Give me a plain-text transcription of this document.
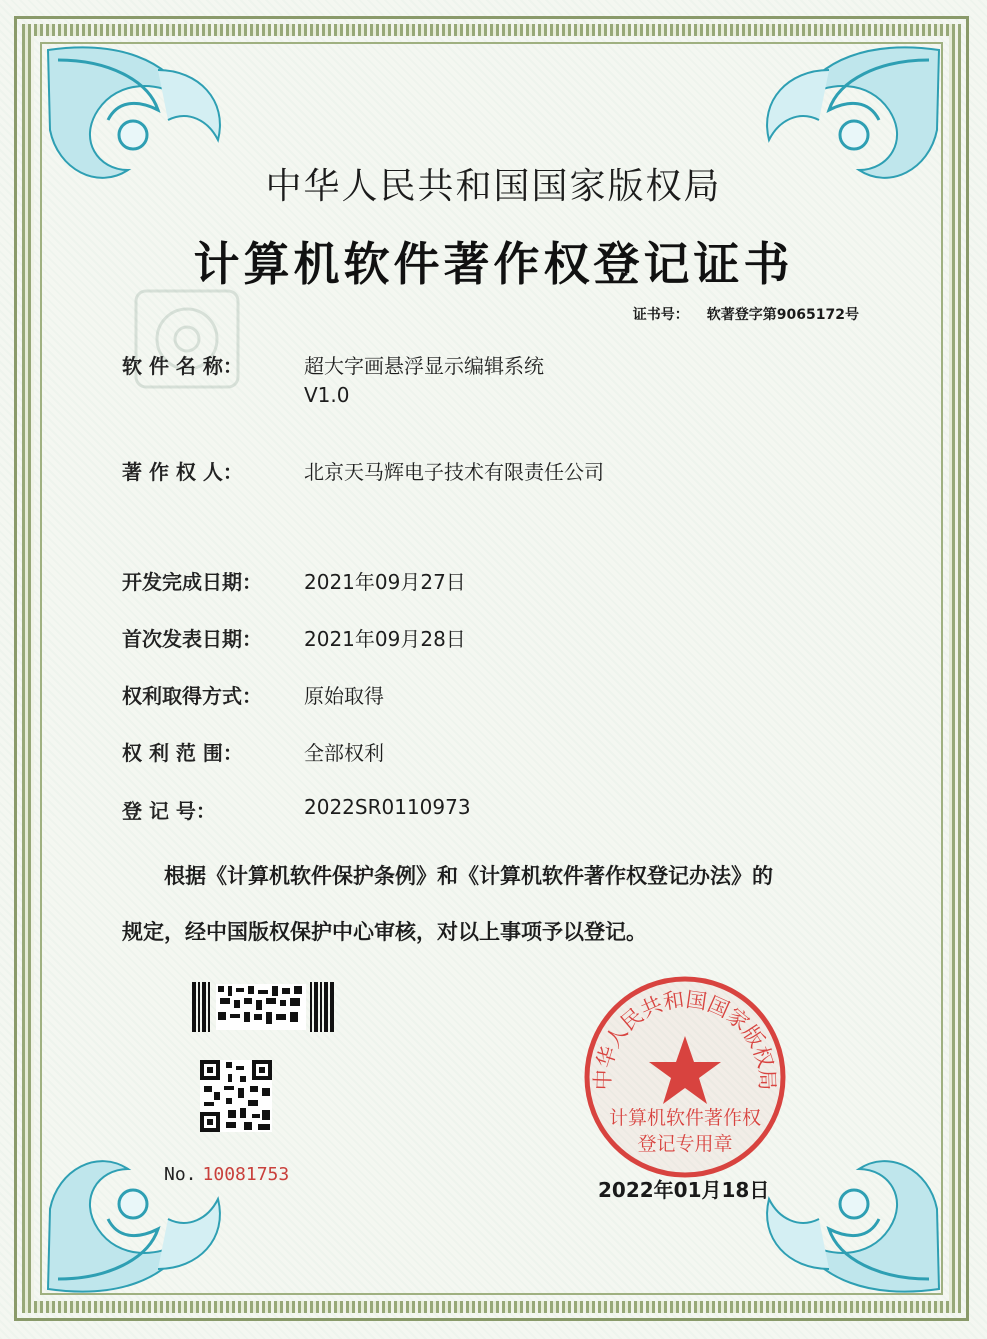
中华人民共和国国家版权局
计算机软件著作权登记证书
证书号： 软著登字第9065172号
软 件 名 称：	超大字画悬浮显示编辑系统
V1.0
著 作 权 人：	北京天马辉电子技术有限责任公司
开发完成日期： 2021年09月27日
首次发表日期： 2021年09月28日
权利取得方式： 原始取得
权 利 范 围：	全部权利
登 记 号：	2022SR0110973
根据《计算机软件保护条例》和《计算机软件著作权登记办法》的
规定，经中国版权保护中心审核，对以上事项予以登记。
No. 10081753
中华人民共和国国家版权局
计算机软件著作权
登记专用章
2022年01月18日
